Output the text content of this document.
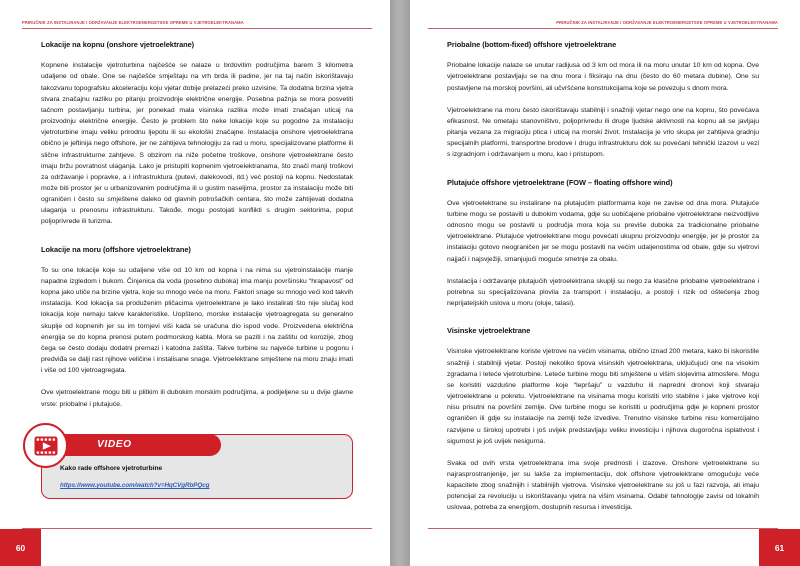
PRIRUČNIK ZA INSTALIRANJE I ODRŽAVANJE ELEKTROENERGETSKE OPREME U VJETROELEKTRANAMA
Lokacije na kopnu (onshore vjetroelektrane)

Kopnene instalacije vjetroturbina najčešće se nalaze u brdovitim područjima barem 3 kilometra udaljene od obale. One se najčešće smještaju na vrh brda ili padine, jer na taj način iskorištavaju takozvanu topografsku akceleraciju koju vjetar dobije prelazeći preko uzvisine. Ta dodatna brzina vjetra stvara značajnu razliku po pitanju proizvodnje električne energije. Posebna pažnja se mora posvetiti tačnom postavljanju turbina, jer ponekad mala visinska razlika može imati značajan uticaj na proizvodnju električne energije. Često je problem što neke lokacije koje su pogodne za instalaciju vjetroturbine imaju veliku prirodnu ljepotu ili su ekološki značajne. Instalacija onshore vjetroelektrana obično je jeftinija nego offshore, jer ne zahtijeva tehnologiju za rad u moru, specijalizovane platforme ili slične infrastrukturne zahtjeve. S obzirom na niže početne troškove, onshore vjetroelektrane često imaju bržu povratnost ulaganja. Lako je pristupiti kopnenim vjetroelektranama, što znači manji troškovi za održavanje i popravke, a i infrastruktura (putevi, dalekovodi, itd.) već postoji na kopnu. Nedostatak može biti prostor jer u urbanizovanim područjima ili u gustim naseljima, prostor za instalaciju može biti ograničen i često su smještene daleko od glavnih potrošačkih centara, što može zahtijevati dodatna ulaganja u prenosnu infrastrukturu. Takođe, mogu postojati konflikti s drugim sektorima, poput poljoprivrede ili turizma.

Lokacije na moru (offshore vjetroelektrane)

To su one lokacije koje su udaljene više od 10 km od kopna i na nima su vjetroinstalacije manje napadne izgledom i bukom. Činjenica da voda (posebno duboka) ima manju površinsku “hrapavost” od kopna jako utiče na brzine vjetra, koje su mnogo veće na moru. Faktori snage su mnogo veći kod takvih instalacija. Kod lokacija sa produženim pličacima vjetroelektrane je lako instalirati što nije slučaj kod lokacija koje nemaju takve karakteristike. Uopšteno, morske instalacije vjetroagregata su generalno skuplje od kopnenih jer su im tornjevi viši kada se uračuna dio ispod vode. Proizvedena električna energija se do kopna prenosi putem podmorskog kabla. Mora se paziti i na zaštitu od korozije, zbog čega se često dodaju dodatni premazi i katodna zaštita. Takve turbine su najveće turbine u pogonu i predviđa se dalji rast njihove veličine i instalisane snage. Vjetroelektrane smještene na moru znaju imati i više od 100 vjetroagregata.

Ove vjetroelektrane mogu biti u plitkim ili dubokim morskim područjima, a podijeljene su u dvije glavne vrste: priobalne i plutajuće.

VIDEO
Kako rade offshore vjetroturbine
https://www.youtube.com/watch?v=HqCVgRbPQcg
60
PRIRUČNIK ZA INSTALIRANJE I ODRŽAVANJE ELEKTROENERGETSKE OPREME U VJETROELEKTRANAMA
Priobalne (bottom-fixed) offshore vjetroelektrane

Priobalne lokacije nalaze se unutar radijusa od 3 km od mora ili na moru unutar 10 km od kopna. Ove vjetroelektrane postavljaju se na dnu mora i fiksiraju na dnu (često do 60 metara dubine). One su postavljene na morskoj površini, ali učvršćene konstrukcijama koje se povezuju s dnom mora.

Vjetroelektrane na moru često iskorištavaju stabilniji i snažniji vjetar nego one na kopnu, što povećava efikasnost. Ne ometaju stanovništvo, poljoprivredu ili druge ljudske aktivnosti na kopnu ali se javljaju pitanja vezana za migraciju ptica i uticaj na morski život. Instalacija je vrlo skupa jer zahtijeva gradnju specijalnih platformi, transportne brodove i drugu infrastrukturu dok su povećani tehnički izazovi u vezi s izgradnjom i održavanjem u moru, kao i pristupom.

Plutajuće offshore vjetroelektrane (FOW – floating offshore wind)

Ove vjetroelektrane su instalirane na plutajućim platformama koje ne zavise od dna mora. Plutajuće turbine mogu se postaviti u dubokim vodama, gdje su uobičajene priobalne vjetroelektrane neizvodljive odnosno mogu se postaviti u područja mora koja su previše duboka za tradicionalne priobalne vjetroelektrane. Plutajuće vjetroelektrane mogu povećati ukupnu proizvodnju energije, jer je prostor za instalaciju gotovo neograničen jer se mogu postaviti na većim udaljenostima od obale, gdje su vjetrovi najjači i najsvježiji, smanjujući moguće smetnje za obalu.

Instalacija i održavanje plutajućih vjetroelektrana skuplji su nego za klasične priobalne vjetroelektrane i potrebna su specijalizovana plovila za transport i instalaciju, a postoji i rizik od oštećenja zbog neprijateljskih uslova u moru (oluje, talasi).

Visinske vjetroelektrane

Visinske vjetroelektrane koriste vjetrove na većim visinama, obično iznad 200 metara, kako bi iskoristile snažniji i stabilniji vjetar. Postoji nekoliko tipova visinskih vjetroelektrana, uključujući one na visokim zgradama i leteće vjetroturbine. Leteće turbine mogu biti smještene u višim slojevima atmosfere. Mogu se koristiti vazdušne platforme koje “lepršaju” u vazduhu ili napredni dronovi koji stvaraju vjetroelektrane u pokretu. Vjetroelektrane na visinama mogu koristiti vrlo stabilne i jake vjetrove koji nisu prisutni na površini zemlje. Ove turbine mogu se koristiti u područjima gdje je kopneni prostor ograničen ili gdje su instalacije na zemlji teže izvedive. Trenutno visinske turbine nisu komercijalno razvijene u širokoj upotrebi i još uvijek predstavljaju veliku investiciju i njihova dugoročna isplativost i sigurnost je još uvijek nesigurna.

Svaka od ovih vrsta vjetroelektrana ima svoje prednosti i izazove. Onshore vjetroelektrane su najrasprostranjenije, jer su lakše za implementaciju, dok offshore vjetroelektrane omogućuju veće kapacitete zbog snažnijih i stabilnijih vjetrova. Visinske vjetroelektrane su još u fazi razvoja, ali imaju potencijal za revoluciju u iskorištavanju vjetra na višim visinama. Odabir tehnologije zavisi od lokalnih uslovaa, potreba za energijom, dostupnih resursa i investicija.

61
